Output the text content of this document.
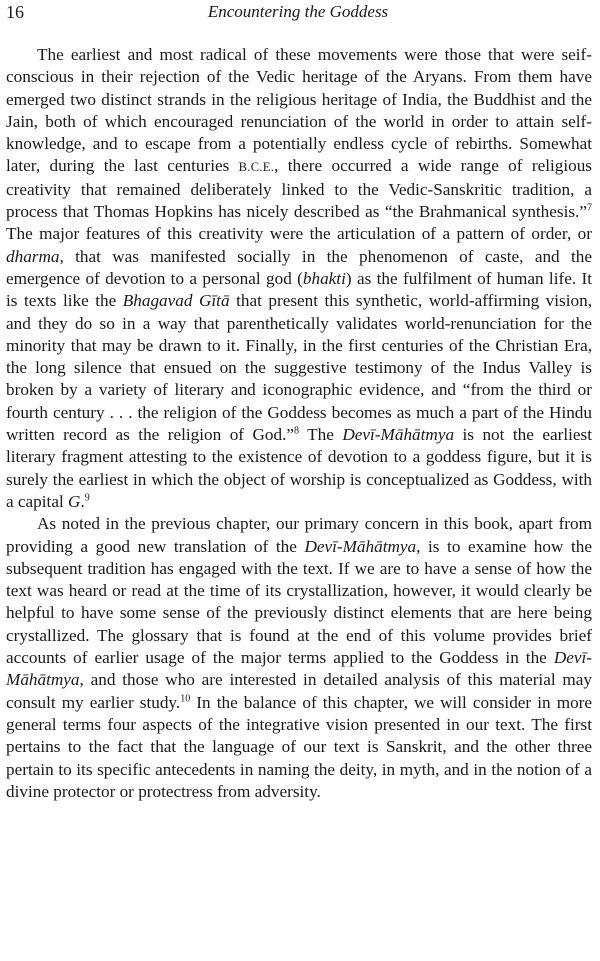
16	Encountering the Goddess

The earliest and most radical of these movements were those that were seif-conscious in their rejection of the Vedic heritage of the Aryans. From them have emerged two distinct strands in the religious heritage of India, the Buddhist and the Jain, both of which encouraged renunciation of the world in order to attain self-knowledge, and to escape from a potentially endless cycle of rebirths. Somewhat later, during the last centuries B.C.E., there occurred a wide range of religious creativity that remained deliberately linked to the Vedic-Sanskritic tradition, a process that Thomas Hopkins has nicely described as “the Brahmanical synthesis.”$^7$ The major features of this creativity were the articulation of a pattern of order, or dharma, that was manifested socially in the phenomenon of caste, and the emergence of devotion to a personal god (bhakti) as the fulfilment of human life. It is texts like the Bhagavad Gītā that present this synthetic, world-affirming vision, and they do so in a way that parenthetically validates world-renunciation for the minority that may be drawn to it. Finally, in the first centuries of the Christian Era, the long silence that ensued on the suggestive testimony of the Indus Valley is broken by a variety of literary and iconographic evidence, and “from the third or fourth century . . . the religion of the Goddess becomes as much a part of the Hindu written record as the religion of God.”$^8$ The Devī-Māhātmya is not the earliest literary fragment attesting to the existence of devotion to a goddess figure, but it is surely the earliest in which the object of worship is conceptualized as Goddess, with a capital G.$^9$

As noted in the previous chapter, our primary concern in this book, apart from providing a good new translation of the Devī-Māhātmya, is to examine how the subsequent tradition has engaged with the text. If we are to have a sense of how the text was heard or read at the time of its crystallization, however, it would clearly be helpful to have some sense of the previously distinct elements that are here being crystallized. The glossary that is found at the end of this volume provides brief accounts of earlier usage of the major terms applied to the Goddess in the Devī-Māhātmya, and those who are interested in detailed analysis of this material may consult my earlier study.$^{10}$ In the balance of this chapter, we will consider in more general terms four aspects of the integrative vision presented in our text. The first pertains to the fact that the language of our text is Sanskrit, and the other three pertain to its specific antecedents in naming the deity, in myth, and in the notion of a divine protector or protectress from adversity.
